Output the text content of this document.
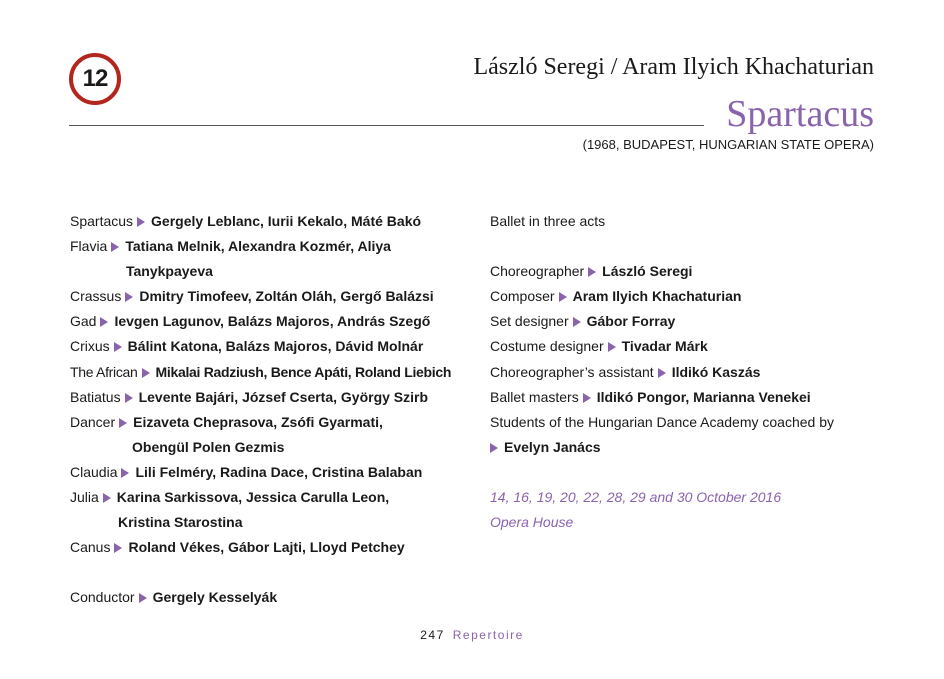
12	László Seregi / Aram Ilyich Khachaturian
Spartacus
(1968, BUDAPEST, HUNGARIAN STATE OPERA)
Spartacus Gergely Leblanc, Iurii Kekalo, Máté Bakó
Flavia Tatiana Melnik, Alexandra Kozmér, Aliya
Tanykpayeva
Crassus Dmitry Timofeev, Zoltán Oláh, Gergő Balázsi
Gad Ievgen Lagunov, Balázs Majoros, András Szegő
Crixus Bálint Katona, Balázs Majoros, Dávid Molnár
The African Mikalai Radziush, Bence Apáti, Roland Liebich
Batiatus Levente Bajári, József Cserta, György Szirb
Dancer Eizaveta Cheprasova, Zsófi Gyarmati,
Obengül Polen Gezmis
Claudia Lili Felméry, Radina Dace, Cristina Balaban
Julia Karina Sarkissova, Jessica Carulla Leon,
Kristina Starostina
Canus Roland Vékes, Gábor Lajti, Lloyd Petchey
Conductor Gergely Kesselyák
Ballet in three acts
Choreographer László Seregi
Composer Aram Ilyich Khachaturian
Set designer Gábor Forray
Costume designer Tivadar Márk
Choreographer’s assistant Ildikó Kaszás
Ballet masters Ildikó Pongor, Marianna Venekei
Students of the Hungarian Dance Academy coached by
Evelyn Janács
14, 16, 19, 20, 22, 28, 29 and 30 October 2016
Opera House
247 Repertoire
